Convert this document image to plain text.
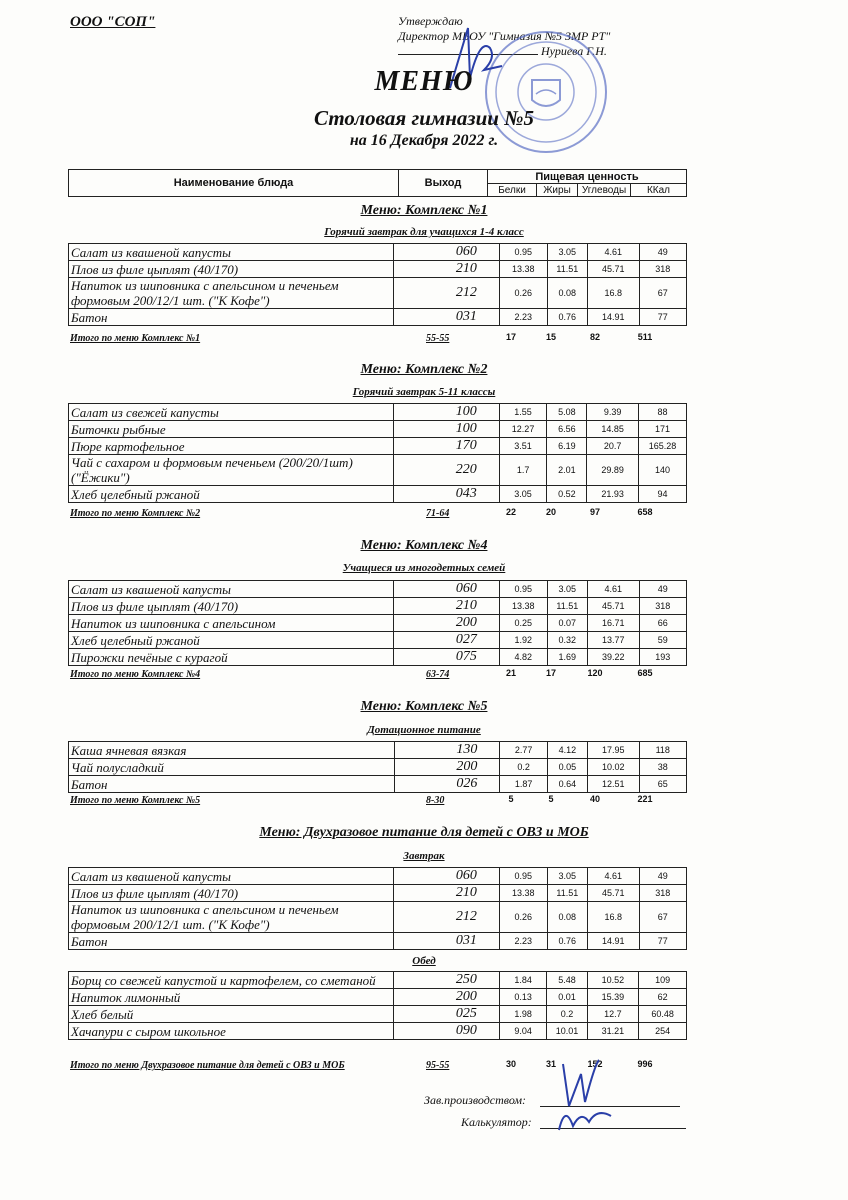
ООО "СОП"	Утверждаю
Директор МБОУ "Гимназия №5 ЗМР РТ"
Нуриева Г.Н.
МЕНЮ
Столовая гимназии №5
на 16 Декабря 2022 г.
Наименование блюда	Выход	Пищевая ценность			
		Белки	Жиры	Углеводы	ККал
Меню: Комплекс №1
Горячий завтрак для учащихся 1-4 класс
Салат из квашеной капусты	060	0.95	3.05	4.61	49
Плов из филе цыплят (40/170)	210	13.38	11.51	45.71	318
Напиток из шиповника с апельсином и печеньем формовым 200/12/1 шт. ("К Кофе")	212	0.26	0.08	16.8	67
Батон	031	2.23	0.76	14.91	77
Итого по меню Комплекс №1	55-55	17	15	82	511
Меню: Комплекс №2
Горячий завтрак 5-11 классы
Салат из свежей капусты	100	1.55	5.08	9.39	88
Биточки рыбные	100	12.27	6.56	14.85	171
Пюре картофельное	170	3.51	6.19	20.7	165.28
Чай с сахаром и формовым печеньем (200/20/1шт) ("Ёжики")	220	1.7	2.01	29.89	140
Хлеб целебный ржаной	043	3.05	0.52	21.93	94
Итого по меню Комплекс №2	71-64	22	20	97	658
Меню: Комплекс №4
Учащиеся из многодетных семей
Салат из квашеной капусты	060	0.95	3.05	4.61	49
Плов из филе цыплят (40/170)	210	13.38	11.51	45.71	318
Напиток из шиповника с апельсином	200	0.25	0.07	16.71	66
Хлеб целебный ржаной	027	1.92	0.32	13.77	59
Пирожки печёные с курагой	075	4.82	1.69	39.22	193
Итого по меню Комплекс №4	63-74	21	17	120	685
Меню: Комплекс №5
Дотационное питание
Каша ячневая вязкая	130	2.77	4.12	17.95	118
Чай полусладкий	200	0.2	0.05	10.02	38
Батон	026	1.87	0.64	12.51	65
Итого по меню Комплекс №5	8-30	5	5	40	221
Меню: Двухразовое питание для детей с ОВЗ и МОБ
Завтрак
Салат из квашеной капусты	060	0.95	3.05	4.61	49
Плов из филе цыплят (40/170)	210	13.38	11.51	45.71	318
Напиток из шиповника с апельсином и печеньем формовым 200/12/1 шт. ("К Кофе")	212	0.26	0.08	16.8	67
Батон	031	2.23	0.76	14.91	77
Обед
Борщ со свежей капустой и картофелем, со сметаной	250	1.84	5.48	10.52	109
Напиток лимонный	200	0.13	0.01	15.39	62
Хлеб белый	025	1.98	0.2	12.7	60.48
Хачапури с сыром школьное	090	9.04	10.01	31.21	254
Итого по меню Двухразовое питание для детей с ОВЗ и МОБ	95-55	30	31	152	996
Зав.производством:
Калькулятор:
